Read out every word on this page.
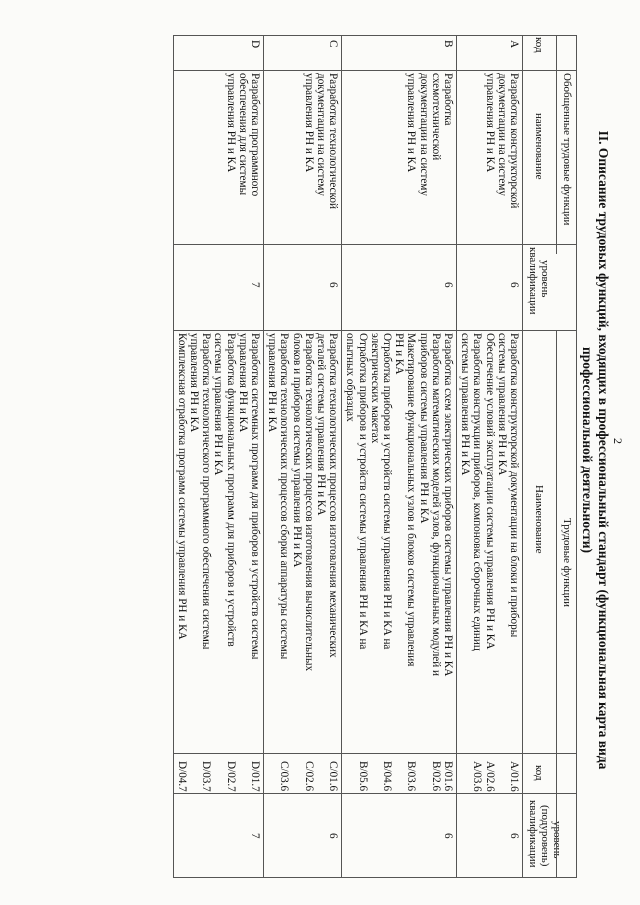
2
II. Описание трудовых функций, входящих в профессиональный стандарт (функциональная карта вида
профессиональной деятельности)
Обобщенные трудовые функции
Трудовые функции
код
наименование
уровень
квалификации
Наименование
код
уровень
(подуровень)
квалификации
А
Разработка конструкторской
документации на систему
управления РН и КА
6
6
А/01.6
Разработка конструкторской документации на блоки и приборы
системы управления РН и КА
А/02.6
Обеспечение условий эксплуатации системы управления РН и КА
А/03.6
Разработка конструкции приборов, компоновка сборочных единиц
системы управления РН и КА
В
Разработка
схемотехнической
документации на систему
управления РН и КА
6
6
В/01.6
Разработка схем электрических приборов системы управления РН и КА
В/02.6
Разработка математических моделей узлов, функциональных модулей и
приборов системы управления РН и КА
В/03.6
Макетирование функциональных узлов и блоков системы управления
РН и КА
В/04.6
Отработка приборов и устройств системы управления РН и КА на
электрических макетах
В/05.6
Отработка приборов и устройств системы управления РН и КА на
опытных образцах
С
Разработка технологической
документации на систему
управления РН и КА
6
6
С/01.6
Разработка технологических процессов изготовления механических
деталей системы управления РН и КА
С/02.6
Разработка технологических процессов изготовления вычислительных
блоков и приборов системы управления РН и КА
С/03.6
Разработка технологических процессов сборки аппаратуры системы
управления РН и КА
D
Разработка программного
обеспечения для системы
управления РН и КА
7
7
D/01.7
Разработка системных программ для приборов и устройств системы
управления РН и КА
D/02.7
Разработка функциональных программ для приборов и устройств
системы управления РН и КА
D/03.7
Разработка технологического программного обеспечения системы
управления РН и КА
D/04.7
Комплексная отработка программ системы управления РН и КА
